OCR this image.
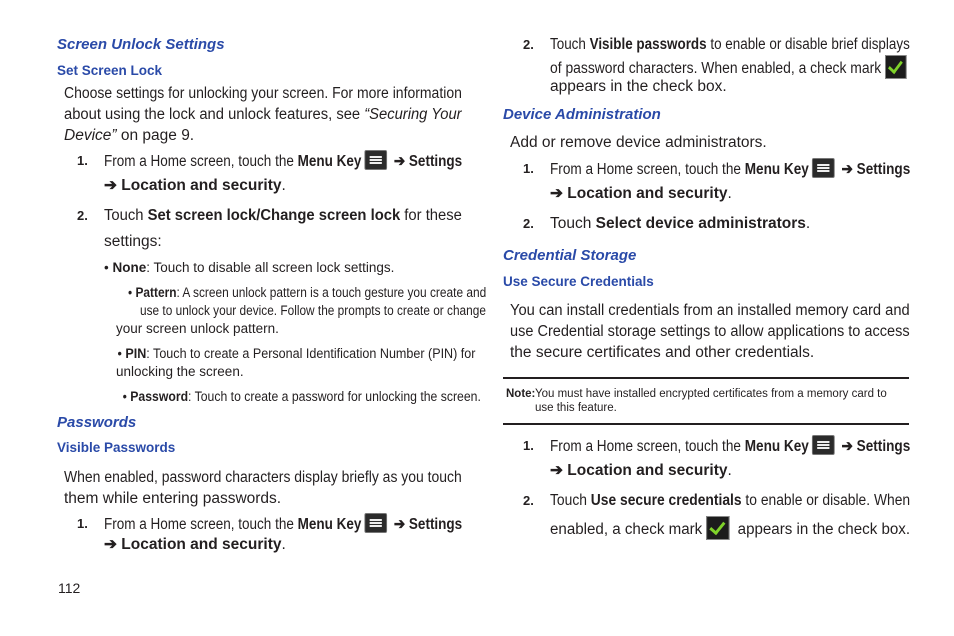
Screen Unlock Settings
Set Screen Lock
Choose settings for unlocking your screen. For more information
about using the lock and unlock features, see “Securing Your
Device” on page 9.
1. From a Home screen, touch the Menu Key ➔ Settings
➔ Location and security.
2. Touch Set screen lock/Change screen lock for these
settings:
• None: Touch to disable all screen lock settings.
• Pattern: A screen unlock pattern is a touch gesture you create and
use to unlock your device. Follow the prompts to create or change
your screen unlock pattern.
• PIN: Touch to create a Personal Identification Number (PIN) for
unlocking the screen.
• Password: Touch to create a password for unlocking the screen.
Passwords
Visible Passwords
When enabled, password characters display briefly as you touch
them while entering passwords.
1. From a Home screen, touch the Menu Key ➔ Settings
➔ Location and security.
2. Touch Visible passwords to enable or disable brief displays
of password characters. When enabled, a check mark
appears in the check box.
Device Administration
Add or remove device administrators.
1. From a Home screen, touch the Menu Key ➔ Settings
➔ Location and security.
2. Touch Select device administrators.
Credential Storage
Use Secure Credentials
You can install credentials from an installed memory card and
use Credential storage settings to allow applications to access
the secure certificates and other credentials.
Note: You must have installed encrypted certificates from a memory card to
use this feature.
1. From a Home screen, touch the Menu Key ➔ Settings
➔ Location and security.
2. Touch Use secure credentials to enable or disable. When
enabled, a check mark appears in the check box.
112
